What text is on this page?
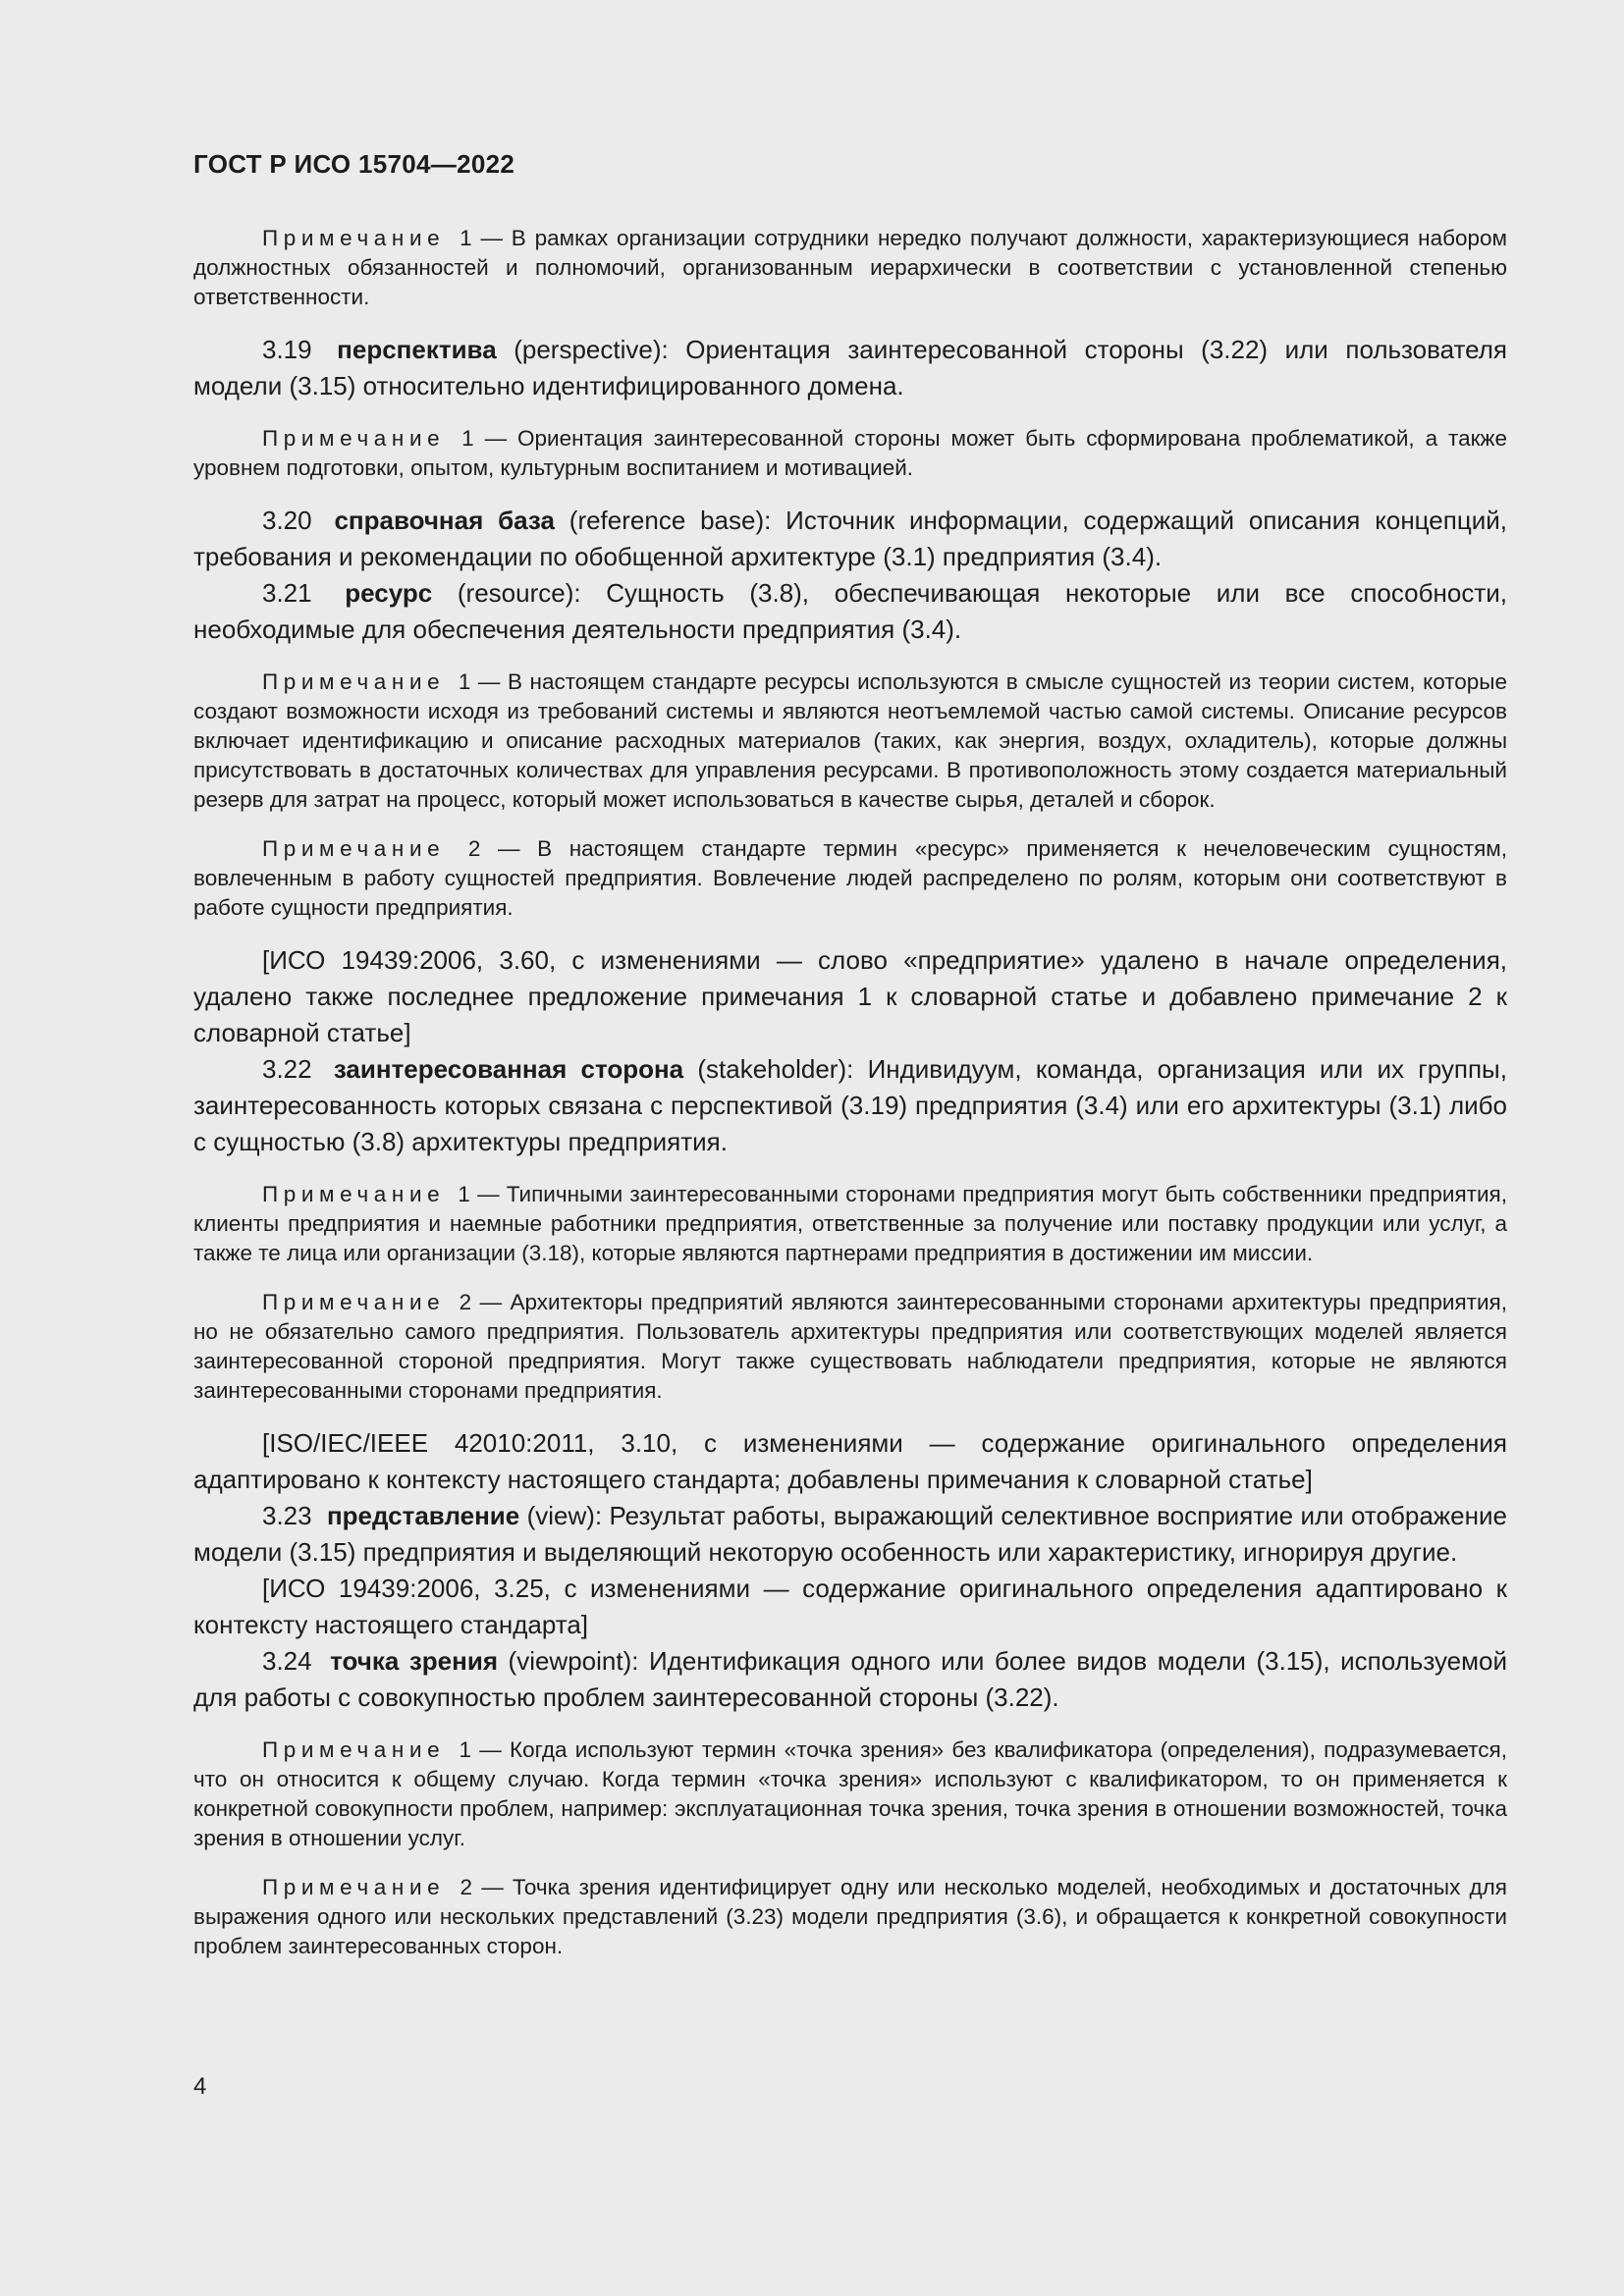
ГОСТ Р ИСО 15704—2022

Примечание 1 — В рамках организации сотрудники нередко получают должности, характеризующиеся набором должностных обязанностей и полномочий, организованным иерархически в соответствии с установленной степенью ответственности.

3.19 перспектива (perspective): Ориентация заинтересованной стороны (3.22) или пользователя модели (3.15) относительно идентифицированного домена.

Примечание 1 — Ориентация заинтересованной стороны может быть сформирована проблематикой, а также уровнем подготовки, опытом, культурным воспитанием и мотивацией.

3.20 справочная база (reference base): Источник информации, содержащий описания концепций, требования и рекомендации по обобщенной архитектуре (3.1) предприятия (3.4).

3.21 ресурс (resource): Сущность (3.8), обеспечивающая некоторые или все способности, необходимые для обеспечения деятельности предприятия (3.4).

Примечание 1 — В настоящем стандарте ресурсы используются в смысле сущностей из теории систем, которые создают возможности исходя из требований системы и являются неотъемлемой частью самой системы. Описание ресурсов включает идентификацию и описание расходных материалов (таких, как энергия, воздух, охладитель), которые должны присутствовать в достаточных количествах для управления ресурсами. В противоположность этому создается материальный резерв для затрат на процесс, который может использоваться в качестве сырья, деталей и сборок.

Примечание 2 — В настоящем стандарте термин «ресурс» применяется к нечеловеческим сущностям, вовлеченным в работу сущностей предприятия. Вовлечение людей распределено по ролям, которым они соответствуют в работе сущности предприятия.

[ИСО 19439:2006, 3.60, с изменениями — слово «предприятие» удалено в начале определения, удалено также последнее предложение примечания 1 к словарной статье и добавлено примечание 2 к словарной статье]

3.22 заинтересованная сторона (stakeholder): Индивидуум, команда, организация или их группы, заинтересованность которых связана с перспективой (3.19) предприятия (3.4) или его архитектуры (3.1) либо с сущностью (3.8) архитектуры предприятия.

Примечание 1 — Типичными заинтересованными сторонами предприятия могут быть собственники предприятия, клиенты предприятия и наемные работники предприятия, ответственные за получение или поставку продукции или услуг, а также те лица или организации (3.18), которые являются партнерами предприятия в достижении им миссии.

Примечание 2 — Архитекторы предприятий являются заинтересованными сторонами архитектуры предприятия, но не обязательно самого предприятия. Пользователь архитектуры предприятия или соответствующих моделей является заинтересованной стороной предприятия. Могут также существовать наблюдатели предприятия, которые не являются заинтересованными сторонами предприятия.

[ISO/IEC/IEEE 42010:2011, 3.10, с изменениями — содержание оригинального определения адаптировано к контексту настоящего стандарта; добавлены примечания к словарной статье]

3.23 представление (view): Результат работы, выражающий селективное восприятие или отображение модели (3.15) предприятия и выделяющий некоторую особенность или характеристику, игнорируя другие.

[ИСО 19439:2006, 3.25, с изменениями — содержание оригинального определения адаптировано к контексту настоящего стандарта]

3.24 точка зрения (viewpoint): Идентификация одного или более видов модели (3.15), используемой для работы с совокупностью проблем заинтересованной стороны (3.22).

Примечание 1 — Когда используют термин «точка зрения» без квалификатора (определения), подразумевается, что он относится к общему случаю. Когда термин «точка зрения» используют с квалификатором, то он применяется к конкретной совокупности проблем, например: эксплуатационная точка зрения, точка зрения в отношении возможностей, точка зрения в отношении услуг.

Примечание 2 — Точка зрения идентифицирует одну или несколько моделей, необходимых и достаточных для выражения одного или нескольких представлений (3.23) модели предприятия (3.6), и обращается к конкретной совокупности проблем заинтересованных сторон.

4
